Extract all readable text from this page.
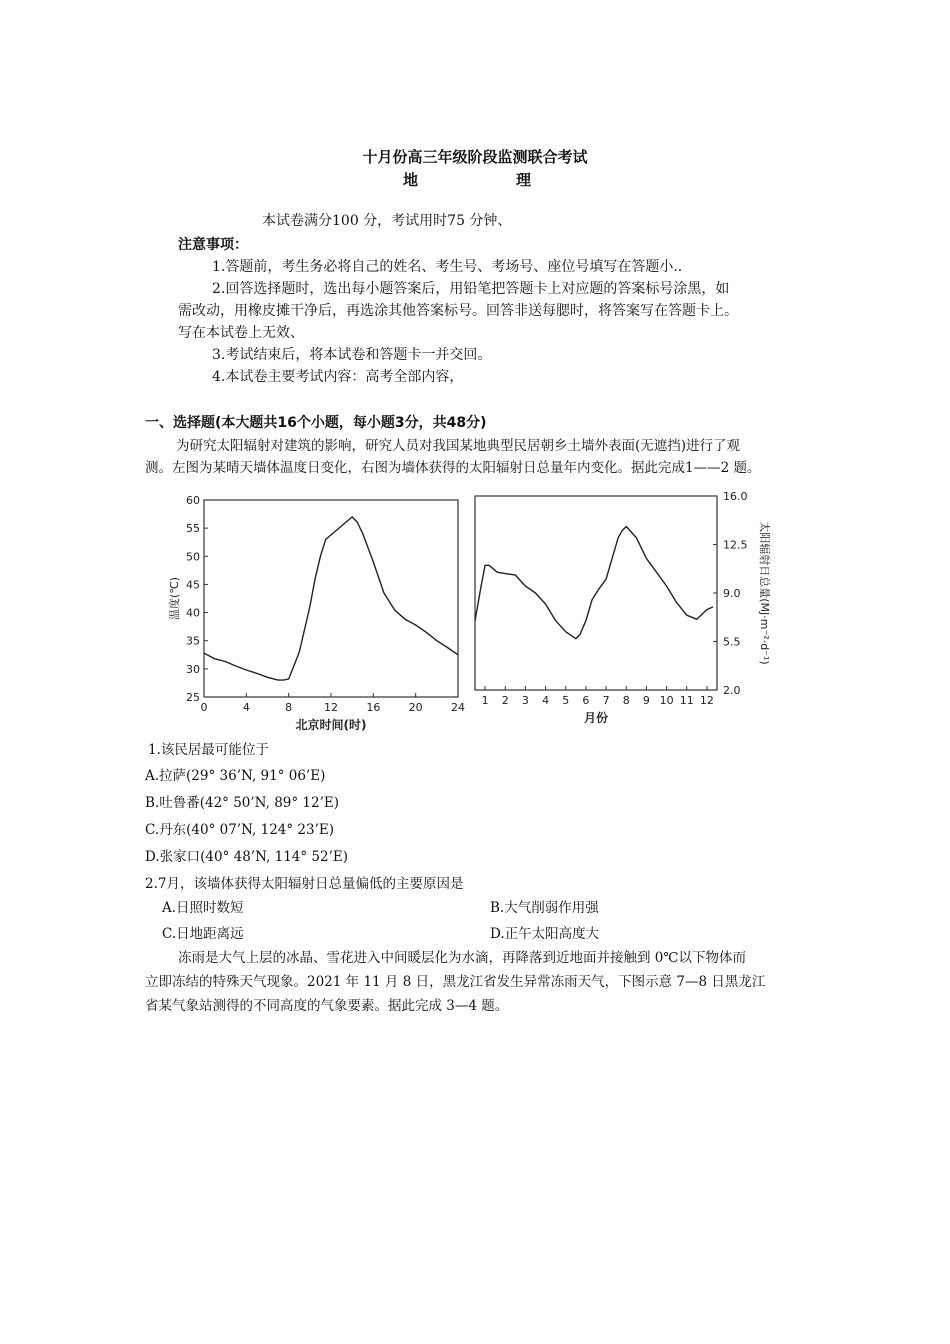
十月份高三年级阶段监测联合考试
地	理
本试卷满分100 分，考试用时75 分钟、
注意事项：
1.答题前，考生务必将自己的姓名、考生号、考场号、座位号填写在答题小..
2.回答选择题时，选出每小题答案后，用铅笔把答题卡上对应题的答案标号涂黑，如
需改动，用橡皮摊干净后，再选涂其他答案标号。回答非送每腮时，将答案写在答题卡上。
写在本试卷上无效、
3.考试结束后，将本试卷和答题卡一并交回。
4.本试卷主要考试内容：高考全部内容，
一、选择题(本大题共16个小题，每小题3分，共48分)
为研究太阳辐射对建筑的影响，研究人员对我国某地典型民居朝乡土墙外表面(无遮挡)进行了观
测。左图为某晴天墙体温度日变化，右图为墙体获得的太阳辐射日总量年内变化。据此完成1——2 题。
0	4	8	12	16	20	24
25
30
35
40
45
50
55
60
北京时间(时)
温度(℃)
1 2 3 4 5 6 7 8 9 10 11 12
2.0
5.5
9.0
12.5
16.0
月份
太阳辐射日总量(MJ·m⁻²·d⁻¹)
1.该民居最可能位于
A.拉萨(29° 36’N, 91° 06’E)
B.吐鲁番(42° 50’N, 89° 12’E)
C.丹东(40° 07’N, 124° 23’E)
D.张家口(40° 48’N, 114° 52’E)
2.7月，该墙体获得太阳辐射日总量偏低的主要原因是
A.日照时数短	B.大气削弱作用强
C.日地距离远	D.正午太阳高度大
冻雨是大气上层的冰晶、雪花进入中间暖层化为水滴，再降落到近地面并接触到 0℃以下物体而
立即冻结的特殊天气现象。2021 年 11 月 8 日，黑龙江省发生异常冻雨天气，下图示意 7—8 日黑龙江
省某气象站测得的不同高度的气象要素。据此完成 3—4 题。
